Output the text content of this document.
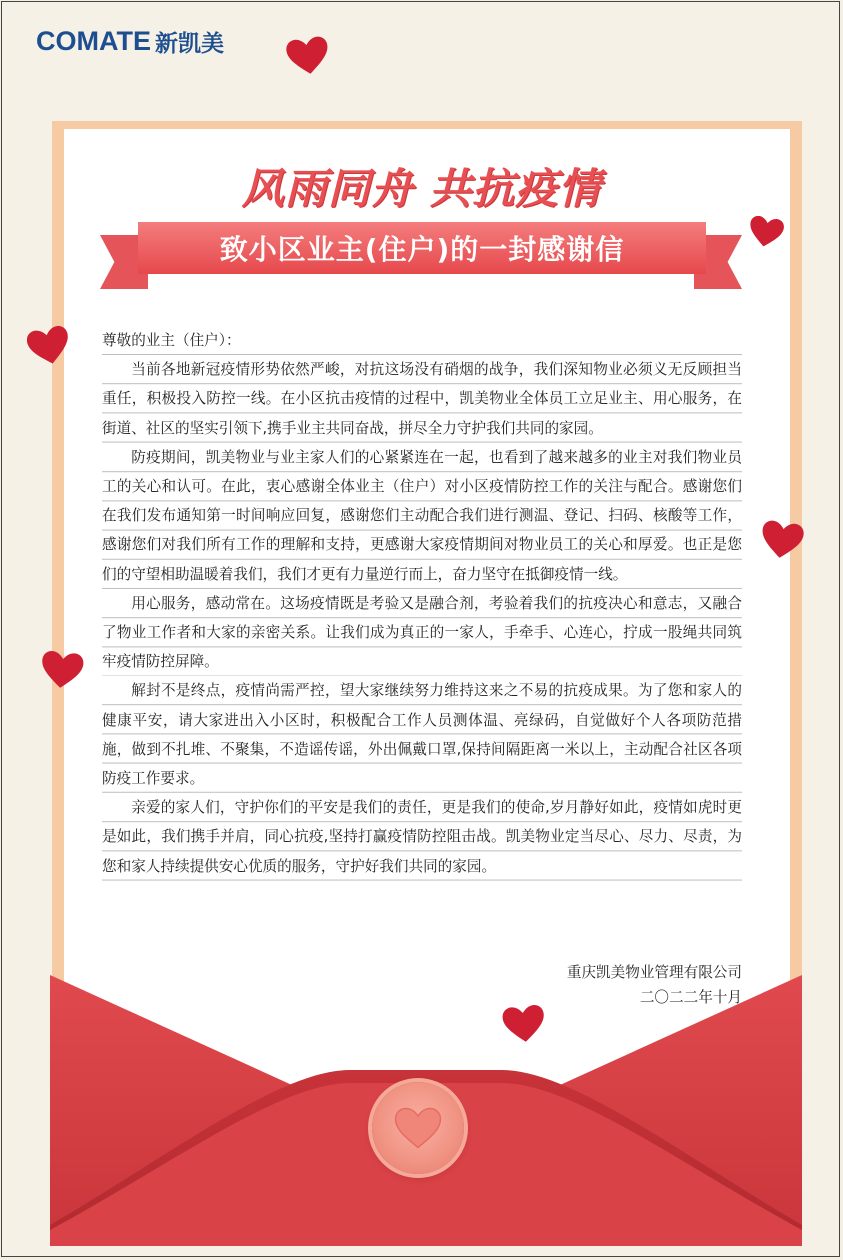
COMATE 新凯美
风雨同舟 共抗疫情
致小区业主(住户)的一封感谢信

尊敬的业主（住户）：

当前各地新冠疫情形势依然严峻，对抗这场没有硝烟的战争，我们深知物业必须义无反顾担当重任，积极投入防控一线。在小区抗击疫情的过程中，凯美物业全体员工立足业主、用心服务，在街道、社区的坚实引领下,携手业主共同奋战，拼尽全力守护我们共同的家园。

防疫期间，凯美物业与业主家人们的心紧紧连在一起，也看到了越来越多的业主对我们物业员工的关心和认可。在此，衷心感谢全体业主（住户）对小区疫情防控工作的关注与配合。感谢您们在我们发布通知第一时间响应回复，感谢您们主动配合我们进行测温、登记、扫码、核酸等工作，感谢您们对我们所有工作的理解和支持，更感谢大家疫情期间对物业员工的关心和厚爱。也正是您们的守望相助温暖着我们，我们才更有力量逆行而上，奋力坚守在抵御疫情一线。

用心服务，感动常在。这场疫情既是考验又是融合剂，考验着我们的抗疫决心和意志，又融合了物业工作者和大家的亲密关系。让我们成为真正的一家人，手牵手、心连心，拧成一股绳共同筑牢疫情防控屏障。

解封不是终点，疫情尚需严控，望大家继续努力维持这来之不易的抗疫成果。为了您和家人的健康平安，请大家进出入小区时，积极配合工作人员测体温、亮绿码，自觉做好个人各项防范措施，做到不扎堆、不聚集，不造谣传谣，外出佩戴口罩,保持间隔距离一米以上，主动配合社区各项防疫工作要求。

亲爱的家人们，守护你们的平安是我们的责任，更是我们的使命,岁月静好如此，疫情如虎时更是如此，我们携手并肩，同心抗疫,坚持打赢疫情防控阻击战。凯美物业定当尽心、尽力、尽责，为您和家人持续提供安心优质的服务，守护好我们共同的家园。

重庆凯美物业管理有限公司
二〇二二年十月
